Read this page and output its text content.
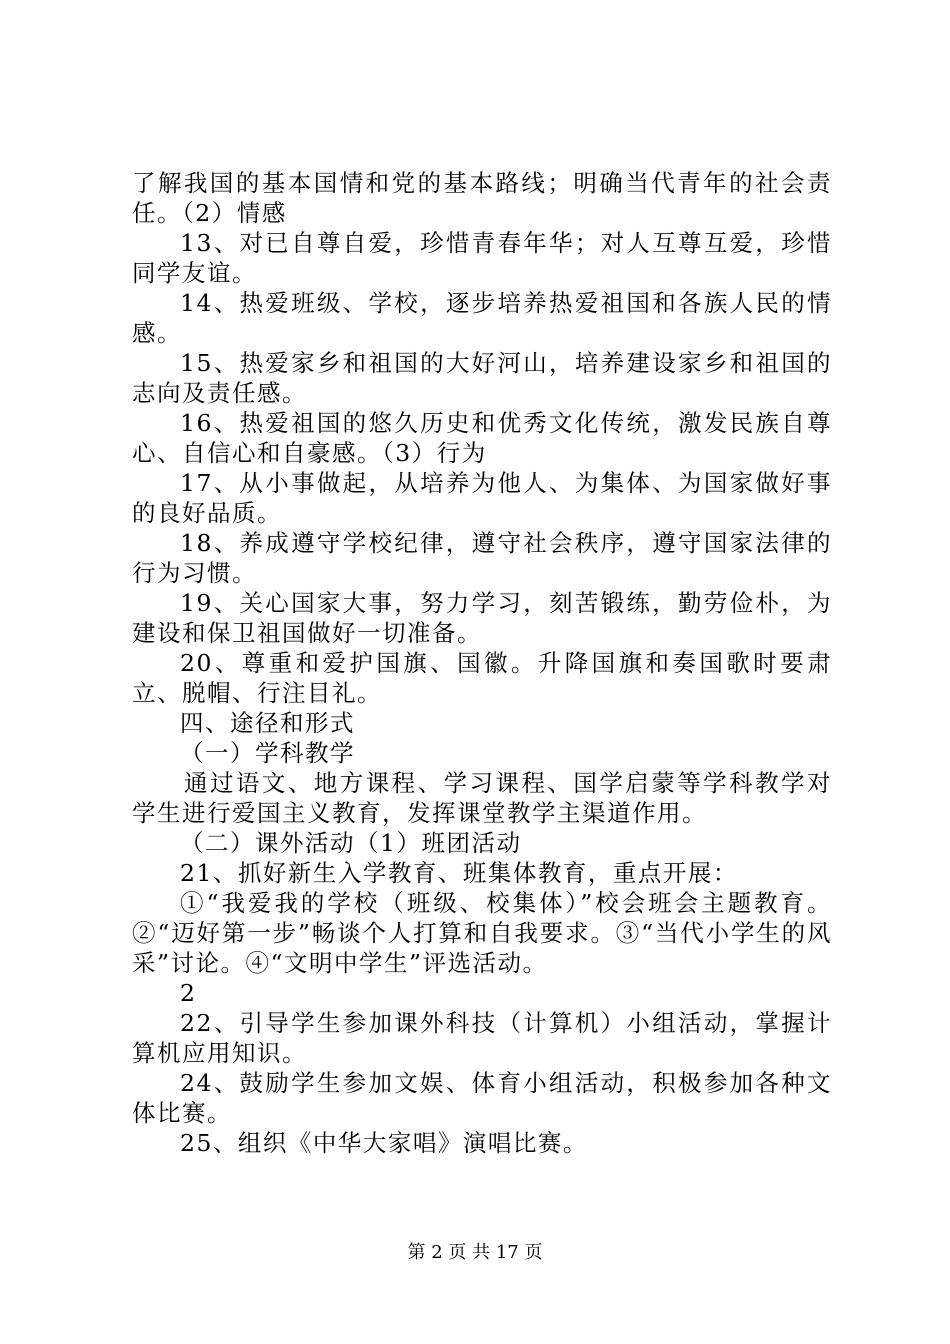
了解我国的基本国情和党的基本路线；明确当代青年的社会责任。（2）情感

13、对已自尊自爱，珍惜青春年华；对人互尊互爱，珍惜同学友谊。

14、热爱班级、学校，逐步培养热爱祖国和各族人民的情感。

15、热爱家乡和祖国的大好河山，培养建设家乡和祖国的志向及责任感。

16、热爱祖国的悠久历史和优秀文化传统，激发民族自尊心、自信心和自豪感。（3）行为

17、从小事做起，从培养为他人、为集体、为国家做好事的良好品质。

18、养成遵守学校纪律，遵守社会秩序，遵守国家法律的行为习惯。

19、关心国家大事，努力学习，刻苦锻练，勤劳俭朴，为建设和保卫祖国做好一切准备。

20、尊重和爱护国旗、国徽。升降国旗和奏国歌时要肃立、脱帽、行注目礼。

四、途径和形式

（一）学科教学

通过语文、地方课程、学习课程、国学启蒙等学科教学对学生进行爱国主义教育，发挥课堂教学主渠道作用。

（二）课外活动（1）班团活动

21、抓好新生入学教育、班集体教育，重点开展：

①“我爱我的学校（班级、校集体）”校会班会主题教育。②“迈好第一步”畅谈个人打算和自我要求。③“当代小学生的风采”讨论。④“文明中学生”评选活动。

2

22、引导学生参加课外科技（计算机）小组活动，掌握计算机应用知识。

24、鼓励学生参加文娱、体育小组活动，积极参加各种文体比赛。

25、组织《中华大家唱》演唱比赛。

第 2 页 共 17 页
